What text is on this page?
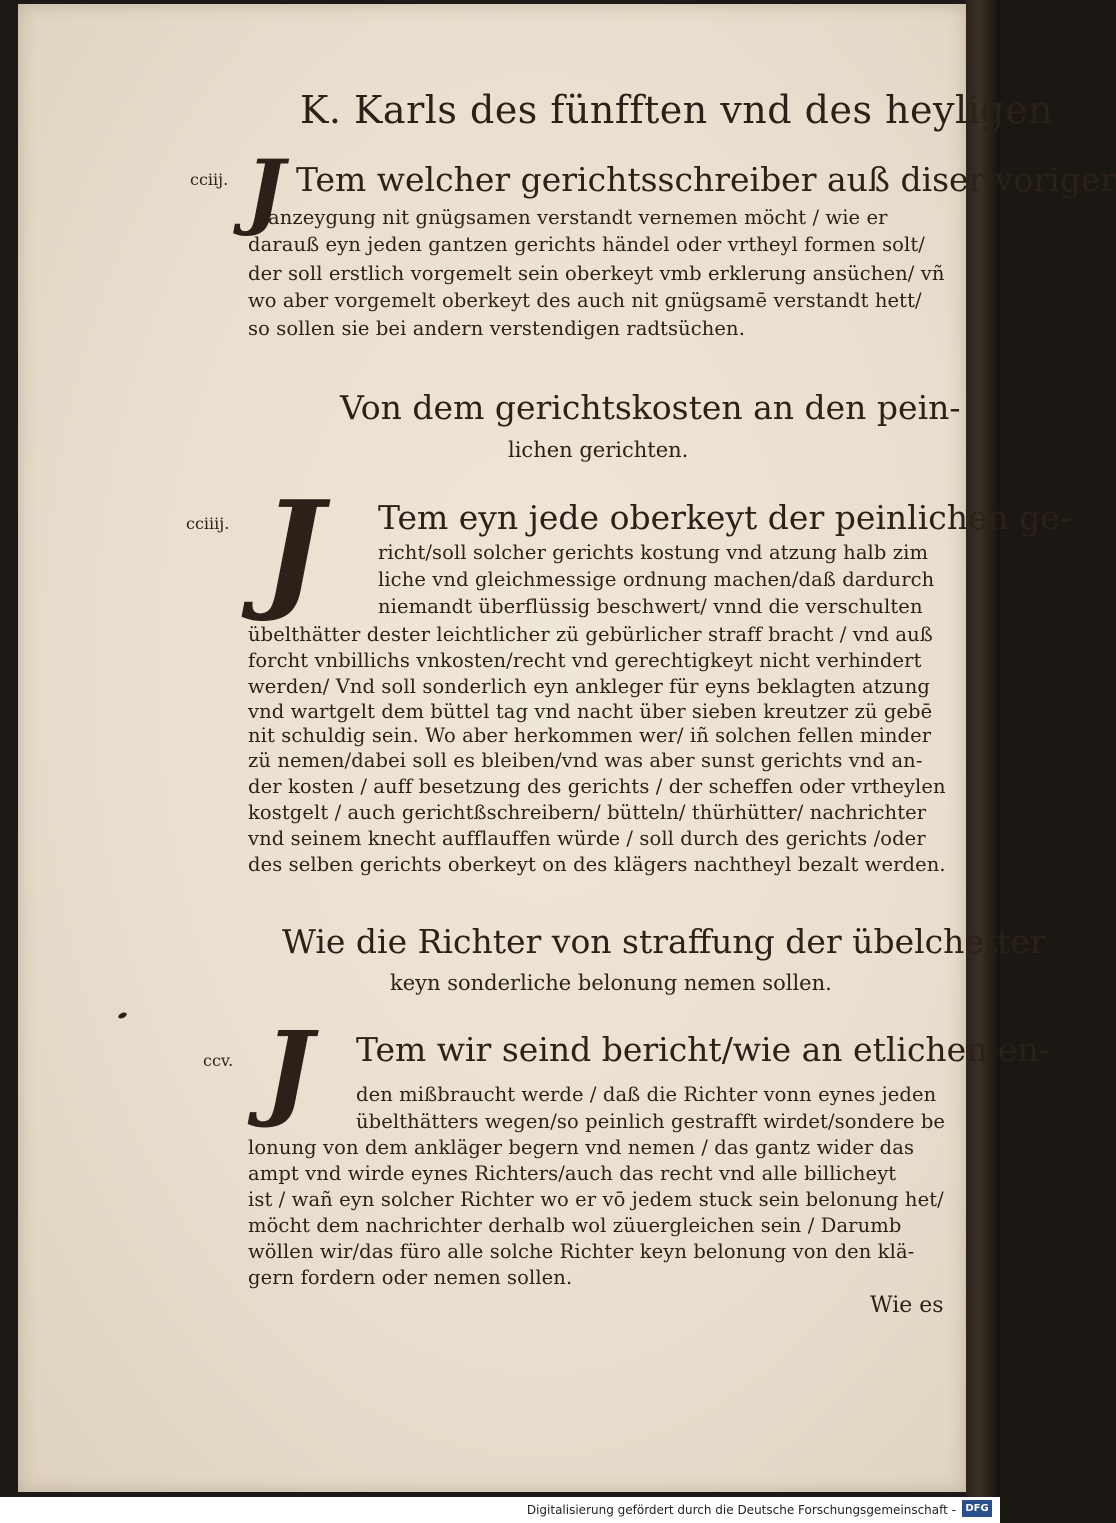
K. Karls des fünfften vnd des heyligen
cciij. J Tem welcher gerichtsschreiber auß diser voriger
anzeygung nit gnügsamen verstandt vernemen möcht / wie er
darauß eyn jeden gantzen gerichts händel oder vrtheyl formen solt/
der soll erstlich vorgemelt sein oberkeyt vmb erklerung ansüchen/ vñ
wo aber vorgemelt oberkeyt des auch nit gnügsamē verstandt hett/
so sollen sie bei andern verstendigen radtsüchen.
Von dem gerichtskosten an den pein-
lichen gerichten.
cciiij. J Tem eyn jede oberkeyt der peinlichen ge-
richt/soll solcher gerichts kostung vnd atzung halb zim
liche vnd gleichmessige ordnung machen/daß dardurch
niemandt überflüssig beschwert/ vnnd die verschulten
übelthätter dester leichtlicher zü gebürlicher straff bracht / vnd auß
forcht vnbillichs vnkosten/recht vnd gerechtigkeyt nicht verhindert
werden/ Vnd soll sonderlich eyn ankleger für eyns beklagten atzung
vnd wartgelt dem büttel tag vnd nacht über sieben kreutzer zü gebē
nit schuldig sein. Wo aber herkommen wer/ iñ solchen fellen minder
zü nemen/dabei soll es bleiben/vnd was aber sunst gerichts vnd an-
der kosten / auff besetzung des gerichts / der scheffen oder vrtheylen
kostgelt / auch gerichtßschreibern/ bütteln/ thürhütter/ nachrichter
vnd seinem knecht aufflauffen würde / soll durch des gerichts /oder
des selben gerichts oberkeyt on des klägers nachtheyl bezalt werden.
Wie die Richter von straffung der übelchetter
keyn sonderliche belonung nemen sollen.
ccv. J Tem wir seind bericht/wie an etlichen en-
den mißbraucht werde / daß die Richter vonn eynes jeden
übelthätters wegen/so peinlich gestrafft wirdet/sondere be
lonung von dem ankläger begern vnd nemen / das gantz wider das
ampt vnd wirde eynes Richters/auch das recht vnd alle billicheyt
ist / wañ eyn solcher Richter wo er vō jedem stuck sein belonung het/
möcht dem nachrichter derhalb wol züuergleichen sein / Darumb
wöllen wir/das füro alle solche Richter keyn belonung von den klä-
gern fordern oder nemen sollen.
Wie es
Digitalisierung gefördert durch die Deutsche Forschungsgemeinschaft - DFG
